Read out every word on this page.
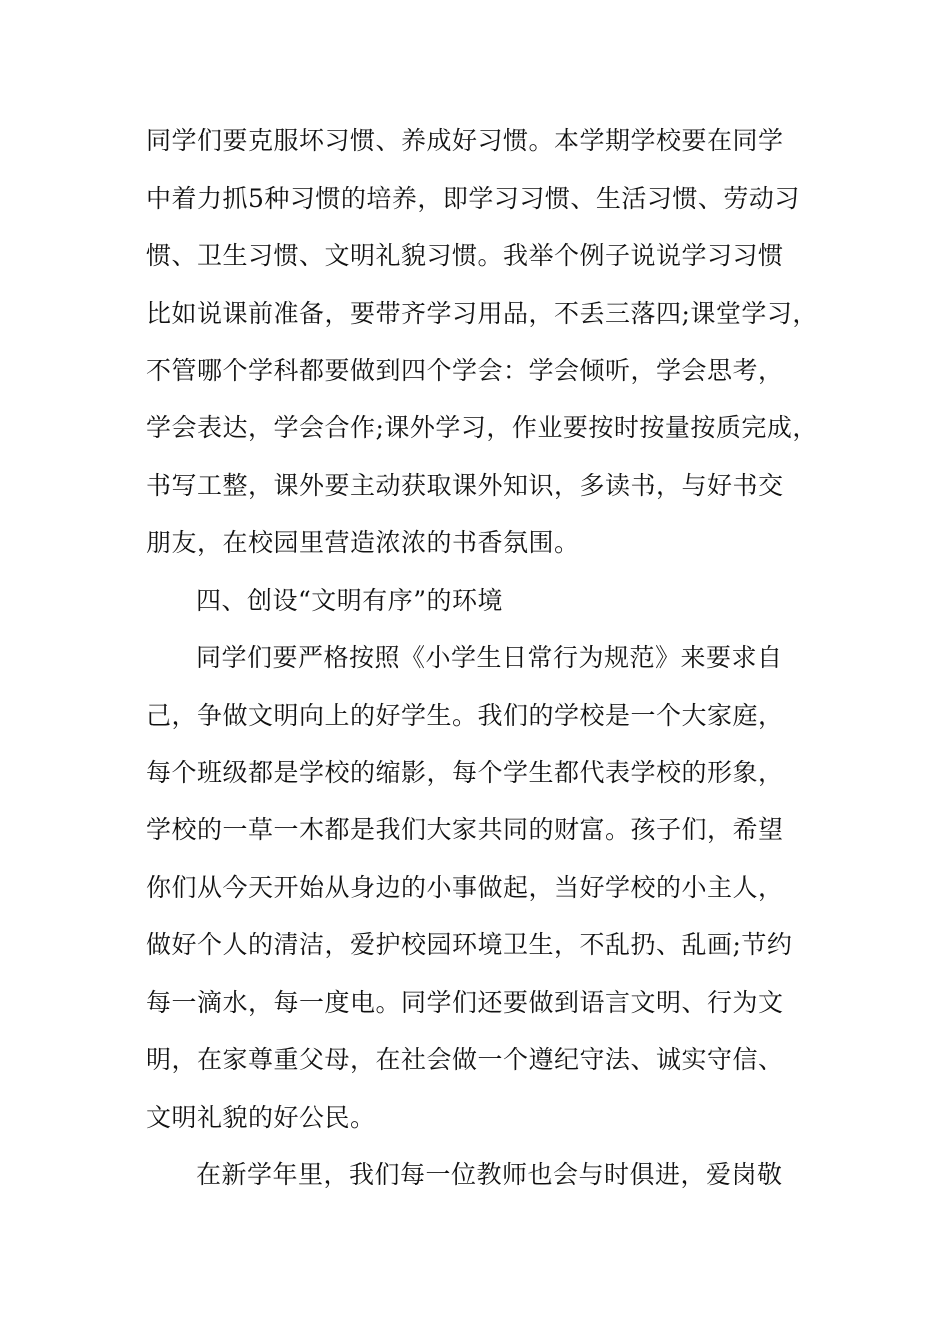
同学们要克服坏习惯、养成好习惯。本学期学校要在同学
中着力抓5种习惯的培养，即学习习惯、生活习惯、劳动习
惯、卫生习惯、文明礼貌习惯。我举个例子说说学习习惯
比如说课前准备，要带齐学习用品，不丢三落四;课堂学习，
不管哪个学科都要做到四个学会：学会倾听，学会思考，
学会表达，学会合作;课外学习，作业要按时按量按质完成，
书写工整，课外要主动获取课外知识，多读书，与好书交
朋友，在校园里营造浓浓的书香氛围。
四、创设“文明有序”的环境
同学们要严格按照《小学生日常行为规范》来要求自
己，争做文明向上的好学生。我们的学校是一个大家庭，
每个班级都是学校的缩影，每个学生都代表学校的形象，
学校的一草一木都是我们大家共同的财富。孩子们，希望
你们从今天开始从身边的小事做起，当好学校的小主人，
做好个人的清洁，爱护校园环境卫生，不乱扔、乱画;节约
每一滴水，每一度电。同学们还要做到语言文明、行为文
明，在家尊重父母，在社会做一个遵纪守法、诚实守信、
文明礼貌的好公民。
在新学年里，我们每一位教师也会与时俱进，爱岗敬
